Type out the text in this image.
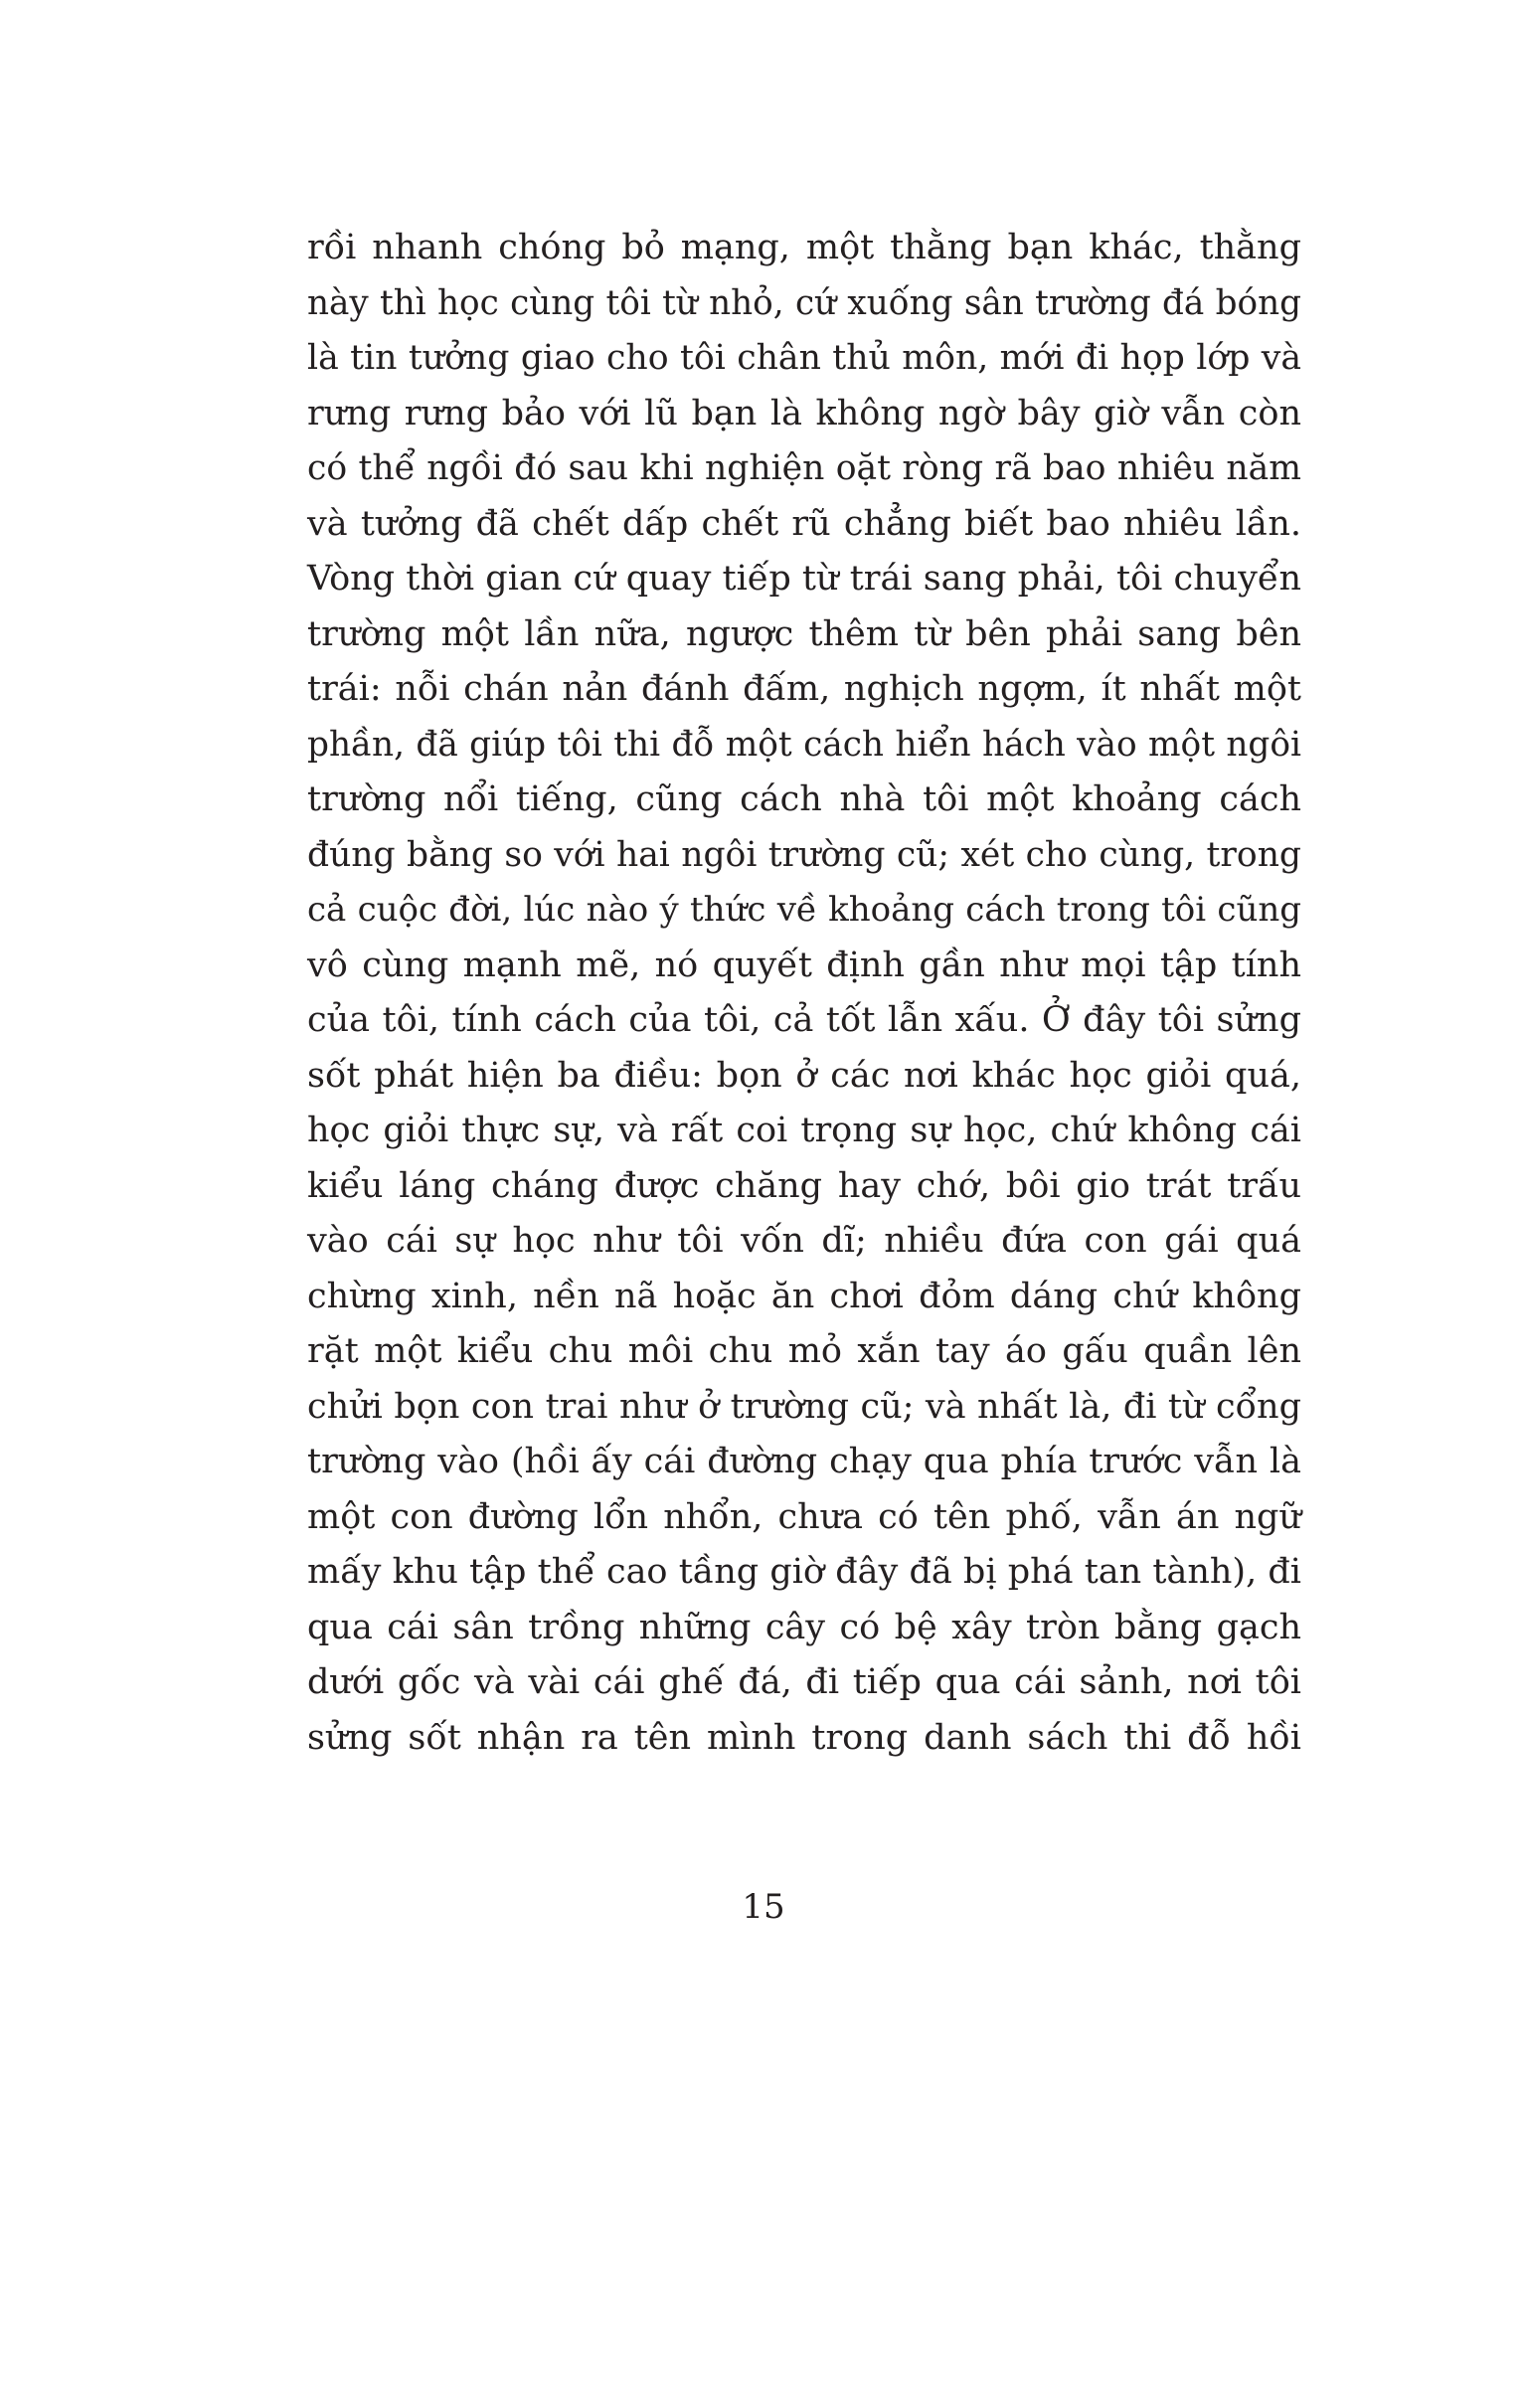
rồi nhanh chóng bỏ mạng, một thằng bạn khác, thằng
này thì học cùng tôi từ nhỏ, cứ xuống sân trường đá bóng
là tin tưởng giao cho tôi chân thủ môn, mới đi họp lớp và
rưng rưng bảo với lũ bạn là không ngờ bây giờ vẫn còn
có thể ngồi đó sau khi nghiện oặt ròng rã bao nhiêu năm
và tưởng đã chết dấp chết rũ chẳng biết bao nhiêu lần.
Vòng thời gian cứ quay tiếp từ trái sang phải, tôi chuyển
trường một lần nữa, ngược thêm từ bên phải sang bên
trái: nỗi chán nản đánh đấm, nghịch ngợm, ít nhất một
phần, đã giúp tôi thi đỗ một cách hiển hách vào một ngôi
trường nổi tiếng, cũng cách nhà tôi một khoảng cách
đúng bằng so với hai ngôi trường cũ; xét cho cùng, trong
cả cuộc đời, lúc nào ý thức về khoảng cách trong tôi cũng
vô cùng mạnh mẽ, nó quyết định gần như mọi tập tính
của tôi, tính cách của tôi, cả tốt lẫn xấu. Ở đây tôi sửng
sốt phát hiện ba điều: bọn ở các nơi khác học giỏi quá,
học giỏi thực sự, và rất coi trọng sự học, chứ không cái
kiểu láng cháng được chăng hay chớ, bôi gio trát trấu
vào cái sự học như tôi vốn dĩ; nhiều đứa con gái quá
chừng xinh, nền nã hoặc ăn chơi đỏm dáng chứ không
rặt một kiểu chu môi chu mỏ xắn tay áo gấu quần lên
chửi bọn con trai như ở trường cũ; và nhất là, đi từ cổng
trường vào (hồi ấy cái đường chạy qua phía trước vẫn là
một con đường lổn nhổn, chưa có tên phố, vẫn án ngữ
mấy khu tập thể cao tầng giờ đây đã bị phá tan tành), đi
qua cái sân trồng những cây có bệ xây tròn bằng gạch
dưới gốc và vài cái ghế đá, đi tiếp qua cái sảnh, nơi tôi
sửng sốt nhận ra tên mình trong danh sách thi đỗ hồi
15
